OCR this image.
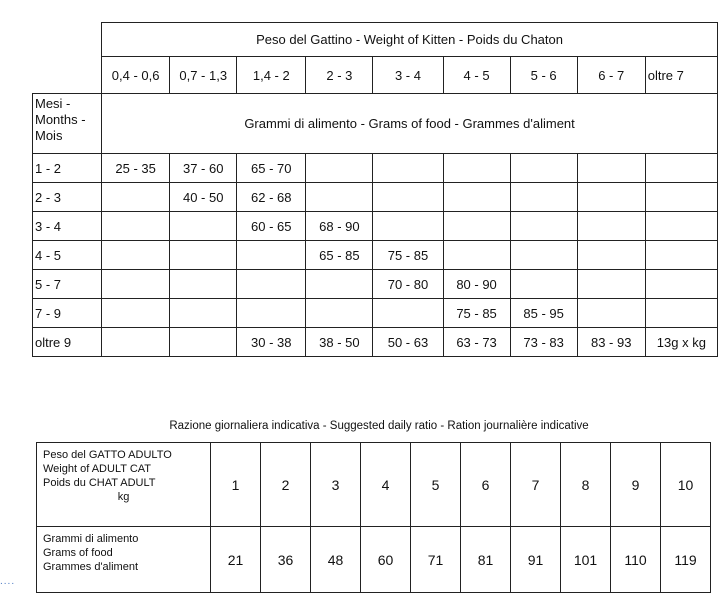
	Peso del Gattino - Weight of Kitten - Poids du Chaton								
	0,4 - 0,6	0,7 - 1,3	1,4 - 2	2 - 3	3 - 4	4 - 5	5 - 6	6 - 7	oltre 7

Mesi -
Months -
Mois	Grammi di alimento - Grams of food - Grammes d'aliment								
1 - 2	25 - 35	37 - 60	65 - 70						
2 - 3		40 - 50	62 - 68						
3 - 4			60 - 65	68 - 90					
4 - 5				65 - 85	75 - 85				
5 - 7					70 - 80	80 - 90			
7 - 9						75 - 85	85 - 95		
oltre 9			30 - 38	38 - 50	50 - 63	63 - 73	73 - 83	83 - 93	13g x kg
Razione giornaliera indicativa - Suggested daily ratio - Ration journalière indicative
Peso del GATTO ADULTO
Weight of ADULT CAT
Poids du CHAT ADULT
kg	1	2	3	4	5	6	7	8	9	10

Grammi di alimento
Grams of food
Grammes d'aliment	21	36	48	60	71	81	91	101	110	119
....
